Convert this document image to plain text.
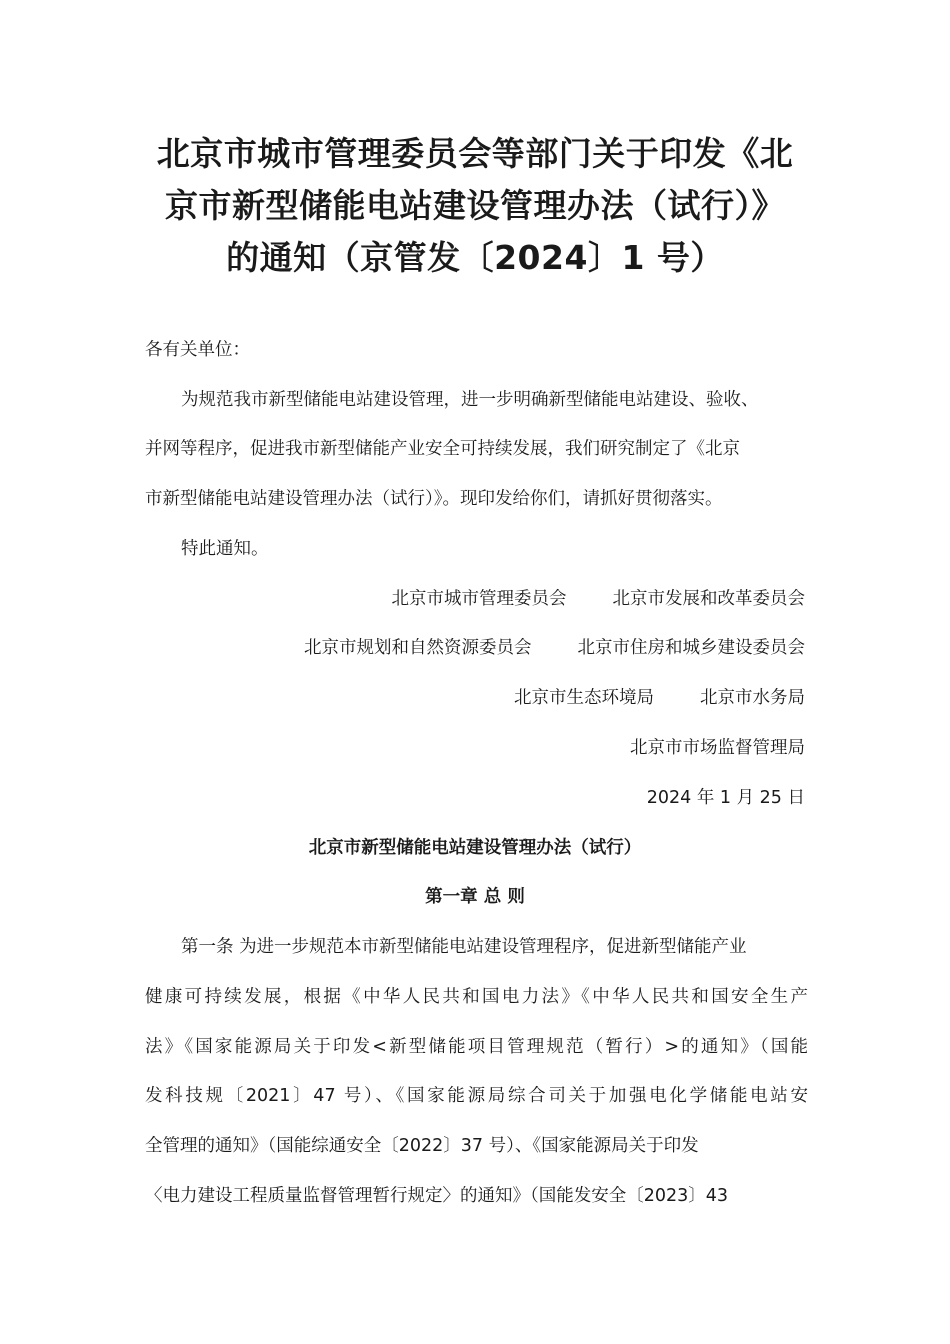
北京市城市管理委员会等部门关于印发《北
京市新型储能电站建设管理办法（试行）》
的通知（京管发〔2024〕1 号）
各有关单位：
为规范我市新型储能电站建设管理，进一步明确新型储能电站建设、验收、
并网等程序，促进我市新型储能产业安全可持续发展，我们研究制定了《北京
市新型储能电站建设管理办法（试行）》。现印发给你们，请抓好贯彻落实。
特此通知。
北京市城市管理委员会	北京市发展和改革委员会
北京市规划和自然资源委员会	北京市住房和城乡建设委员会
北京市生态环境局	北京市水务局
北京市市场监督管理局
2024 年 1 月 25 日
北京市新型储能电站建设管理办法（试行）
第一章 总 则
第一条 为进一步规范本市新型储能电站建设管理程序，促进新型储能产业
健康可持续发展，根据《中华人民共和国电力法》《中华人民共和国安全生产
法》《国家能源局关于印发<新型储能项目管理规范（暂行）>的通知》（国能
发科技规〔2021〕47 号）、《国家能源局综合司关于加强电化学储能电站安
全管理的通知》（国能综通安全〔2022〕37 号）、《国家能源局关于印发
〈电力建设工程质量监督管理暂行规定〉的通知》（国能发安全〔2023〕43
